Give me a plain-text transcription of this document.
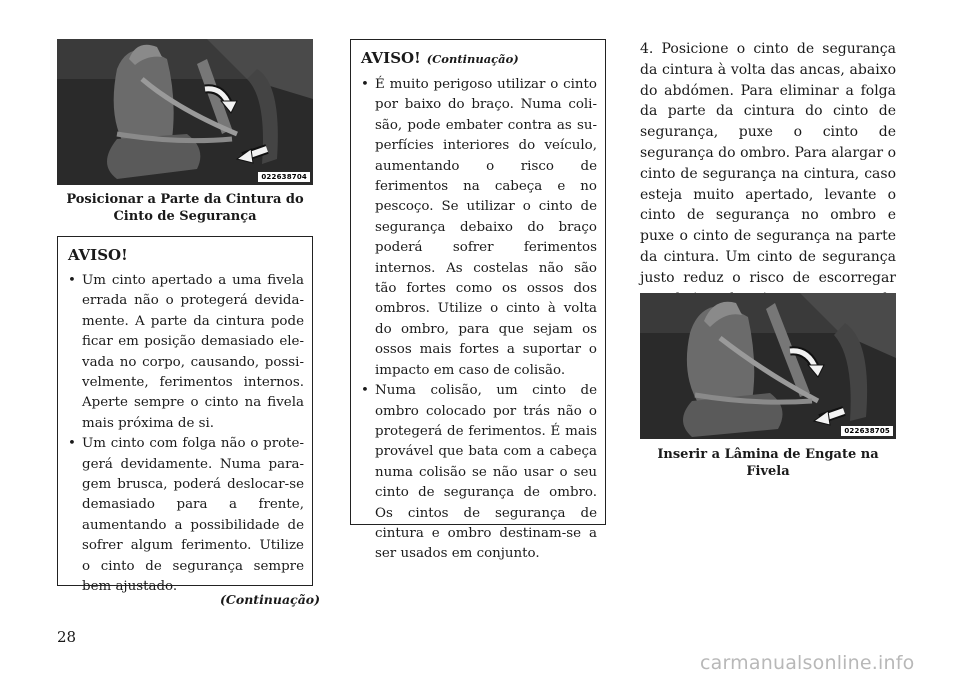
022638704
Posicionar a Parte da Cintura do
Cinto de Segurança
AVISO!
• Um cinto apertado a uma fivela errada não o protegerá devidamente. A parte da cintura pode ficar em posição demasiado elevada no corpo, causando, possivelmente, ferimentos internos. Aperte sempre o cinto na fivela mais próxima de si.
• Um cinto com folga não o protegerá devidamente. Numa paragem brusca, poderá deslocar-se demasiado para a frente, aumentando a possibilidade de sofrer algum ferimento. Utilize o cinto de segurança sempre bem ajustado.
(Continuação)
AVISO! (Continuação)
• É muito perigoso utilizar o cinto por baixo do braço. Numa colisão, pode embater contra as superfícies interiores do veículo, aumentando o risco de ferimentos na cabeça e no pescoço. Se utilizar o cinto de segurança debaixo do braço poderá sofrer ferimentos internos. As costelas não são tão fortes como os ossos dos ombros. Utilize o cinto à volta do ombro, para que sejam os ossos mais fortes a suportar o impacto em caso de colisão.
• Numa colisão, um cinto de ombro colocado por trás não o protegerá de ferimentos. É mais provável que bata com a cabeça numa colisão se não usar o seu cinto de segurança de ombro. Os cintos de segurança de cintura e ombro destinam-se a ser usados em conjunto.
4. Posicione o cinto de segurança da cintura à volta das ancas, abaixo do abdómen. Para eliminar a folga da parte da cintura do cinto de segurança, puxe o cinto de segurança do ombro. Para alargar o cinto de segurança na cintura, caso esteja muito apertado, levante o cinto de segurança no ombro e puxe o cinto de segurança na parte da cintura. Um cinto de segurança justo reduz o risco de escorregar
022638705
Inserir a Lâmina de Engate na Fivela
28
carmanualsonline.info
